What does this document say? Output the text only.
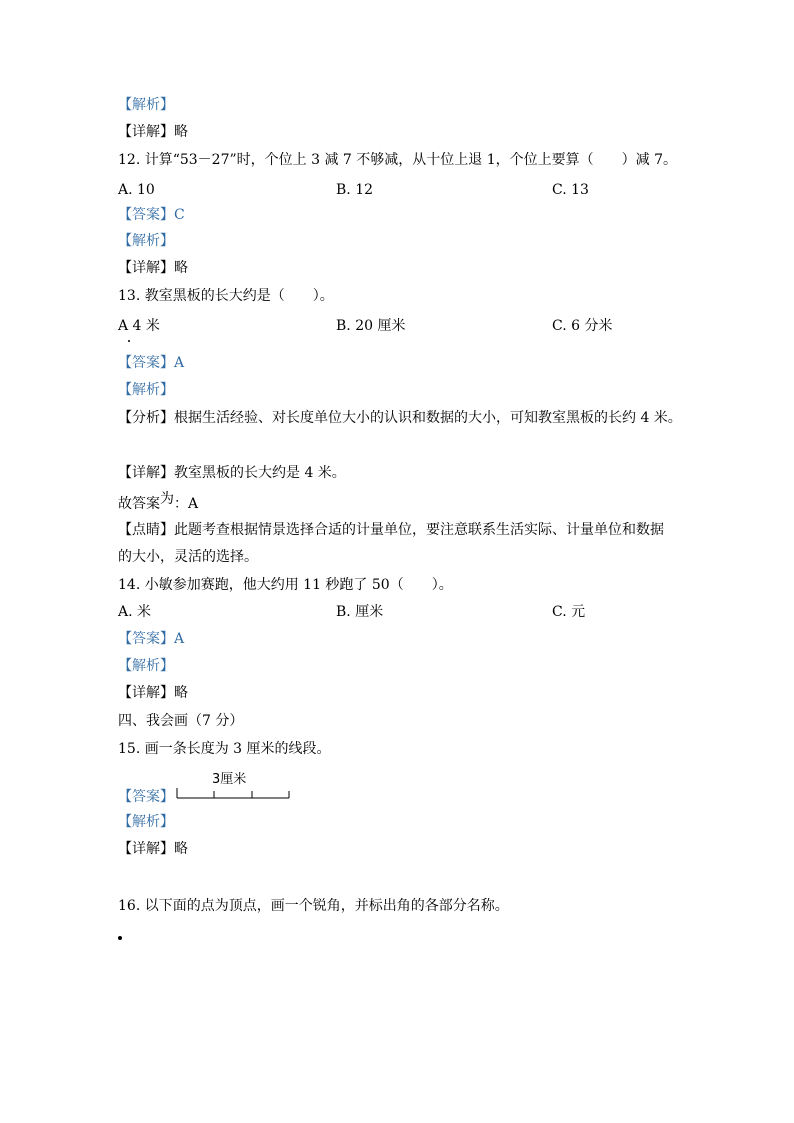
【解析】
【详解】略
12. 计算“53－27”时，个位上 3 减 7 不够减，从十位上退 1，个位上要算（　　）减 7。
A. 10	B. 12	C. 13
【答案】C
【解析】
【详解】略
13. 教室黑板的长大约是（　　）。
A 4 米	B. 20 厘米	C. 6 分米
【答案】A
【解析】
【分析】根据生活经验、对长度单位大小的认识和数据的大小，可知教室黑板的长约 4 米。
【详解】教室黑板的长大约是 4 米。
故答案为：A
【点睛】此题考查根据情景选择合适的计量单位，要注意联系生活实际、计量单位和数据
的大小，灵活的选择。
14. 小敏参加赛跑，他大约用 11 秒跑了 50（　　）。
A. 米	B. 厘米	C. 元
【答案】A
【解析】
【详解】略
四、我会画（7 分）
15. 画一条长度为 3 厘米的线段。
【答案】
3厘米
【解析】
【详解】略
16. 以下面的点为顶点，画一个锐角，并标出角的各部分名称。
